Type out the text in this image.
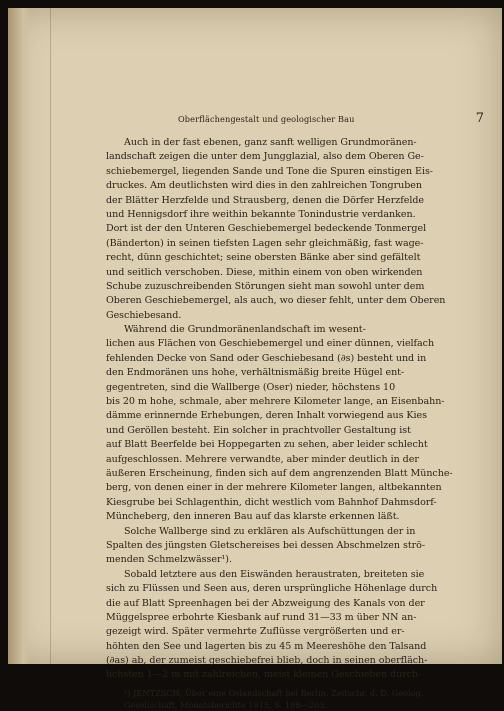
Oberflächengestalt und geologischer Bau	7
Auch in der fast ebenen, ganz sanft welligen Grundmoränen-
landschaft zeigen die unter dem Jungglazial, also dem Oberen Ge-
schiebemergel, liegenden Sande und Tone die Spuren einstigen Eis-
druckes. Am deutlichsten wird dies in den zahlreichen Tongruben
der Blätter Herzfelde und Strausberg, denen die Dörfer Herzfelde
und Hennigsdorf ihre weithin bekannte Tonindustrie verdanken.
Dort ist der den Unteren Geschiebemergel bedeckende Tonmergel
(Bänderton) in seinen tiefsten Lagen sehr gleichmäßig, fast wage-
recht, dünn geschichtet; seine obersten Bänke aber sind gefältelt
und seitlich verschoben. Diese, mithin einem von oben wirkenden
Schube zuzuschreibenden Störungen sieht man sowohl unter dem
Oberen Geschiebemergel, als auch, wo dieser fehlt, unter dem Oberen
Geschiebesand.
Während die Grundmoränenlandschaft im wesent-
lichen aus Flächen von Geschiebemergel und einer dünnen, vielfach
fehlenden Decke von Sand oder Geschiebesand (∂s) besteht und in
den Endmoränen uns hohe, verhältnismäßig breite Hügel ent-
gegentreten, sind die Wallberge (Oser) nieder, höchstens 10
bis 20 m hohe, schmale, aber mehrere Kilometer lange, an Eisenbahn-
dämme erinnernde Erhebungen, deren Inhalt vorwiegend aus Kies
und Geröllen besteht. Ein solcher in prachtvoller Gestaltung ist
auf Blatt Beerfelde bei Hoppegarten zu sehen, aber leider schlecht
aufgeschlossen. Mehrere verwandte, aber minder deutlich in der
äußeren Erscheinung, finden sich auf dem angrenzenden Blatt Münche-
berg, von denen einer in der mehrere Kilometer langen, altbekannten
Kiesgrube bei Schlagenthin, dicht westlich vom Bahnhof Dahmsdorf-
Müncheberg, den inneren Bau auf das klarste erkennen läßt.
Solche Wallberge sind zu erklären als Aufschüttungen der in
Spalten des jüngsten Gletschereises bei dessen Abschmelzen strö-
menden Schmelzwässer¹).
Sobald letztere aus den Eiswänden heraustraten, breiteten sie
sich zu Flüssen und Seen aus, deren ursprüngliche Höhenlage durch
die auf Blatt Spreenhagen bei der Abzweigung des Kanals von der
Müggelspree erbohrte Kiesbank auf rund 31—33 m über NN an-
gezeigt wird. Später vermehrte Zuflüsse vergrößerten und er-
höhten den See und lagerten bis zu 45 m Meereshöhe den Talsand
(∂as) ab, der zumeist geschiebefrei blieb, doch in seinen oberfläch-
lichsten 1—2 m mit zahlreichen, meist kleinen Geschieben durch-
¹) JENTZSCH, Über eine Oslandschaft bei Berlin. Zeitschr. d. D. Geolog.
Gesellschaft, Monatsberichte 1915, S. 198—203.
